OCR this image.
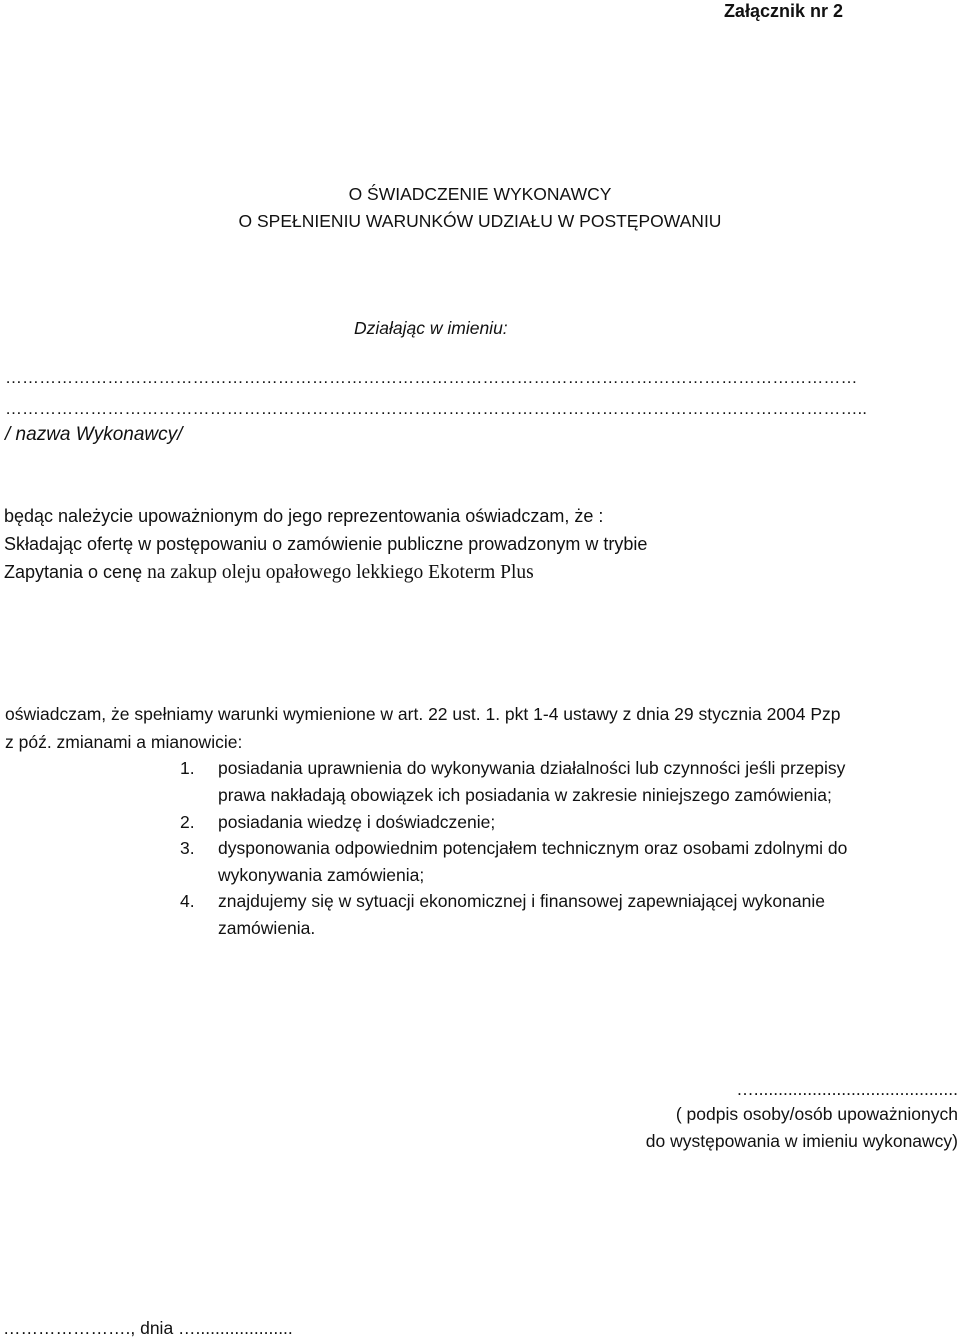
Załącznik nr 2
O ŚWIADCZENIE WYKONAWCY
O SPEŁNIENIU WARUNKÓW UDZIAŁU W POSTĘPOWANIU
Działając w imieniu:
……………………………………………………………………………………………………………………………………
……………………………………………………………………………………………………………………………………..
/ nazwa Wykonawcy/
będąc należycie upoważnionym do jego reprezentowania oświadczam, że :
Składając ofertę w postępowaniu o zamówienie publiczne prowadzonym w trybie
Zapytania o cenę na zakup oleju opałowego lekkiego Ekoterm Plus
oświadczam, że spełniamy warunki wymienione w art. 22 ust. 1. pkt 1-4 ustawy z dnia 29 stycznia 2004 Pzp
z póź. zmianami a mianowicie:
1. posiadania uprawnienia do wykonywania działalności lub czynności jeśli przepisy
prawa nakładają obowiązek ich posiadania w zakresie niniejszego zamówienia;
2. posiadania wiedzę i doświadczenie;
3. dysponowania odpowiednim potencjałem technicznym oraz osobami zdolnymi do
wykonywania zamówienia;
4. znajdujemy się w sytuacji ekonomicznej i finansowej zapewniającej wykonanie
zamówienia.
…..........................................
( podpis osoby/osób upoważnionych
do występowania w imieniu wykonawcy)
…………………., dnia …....................
